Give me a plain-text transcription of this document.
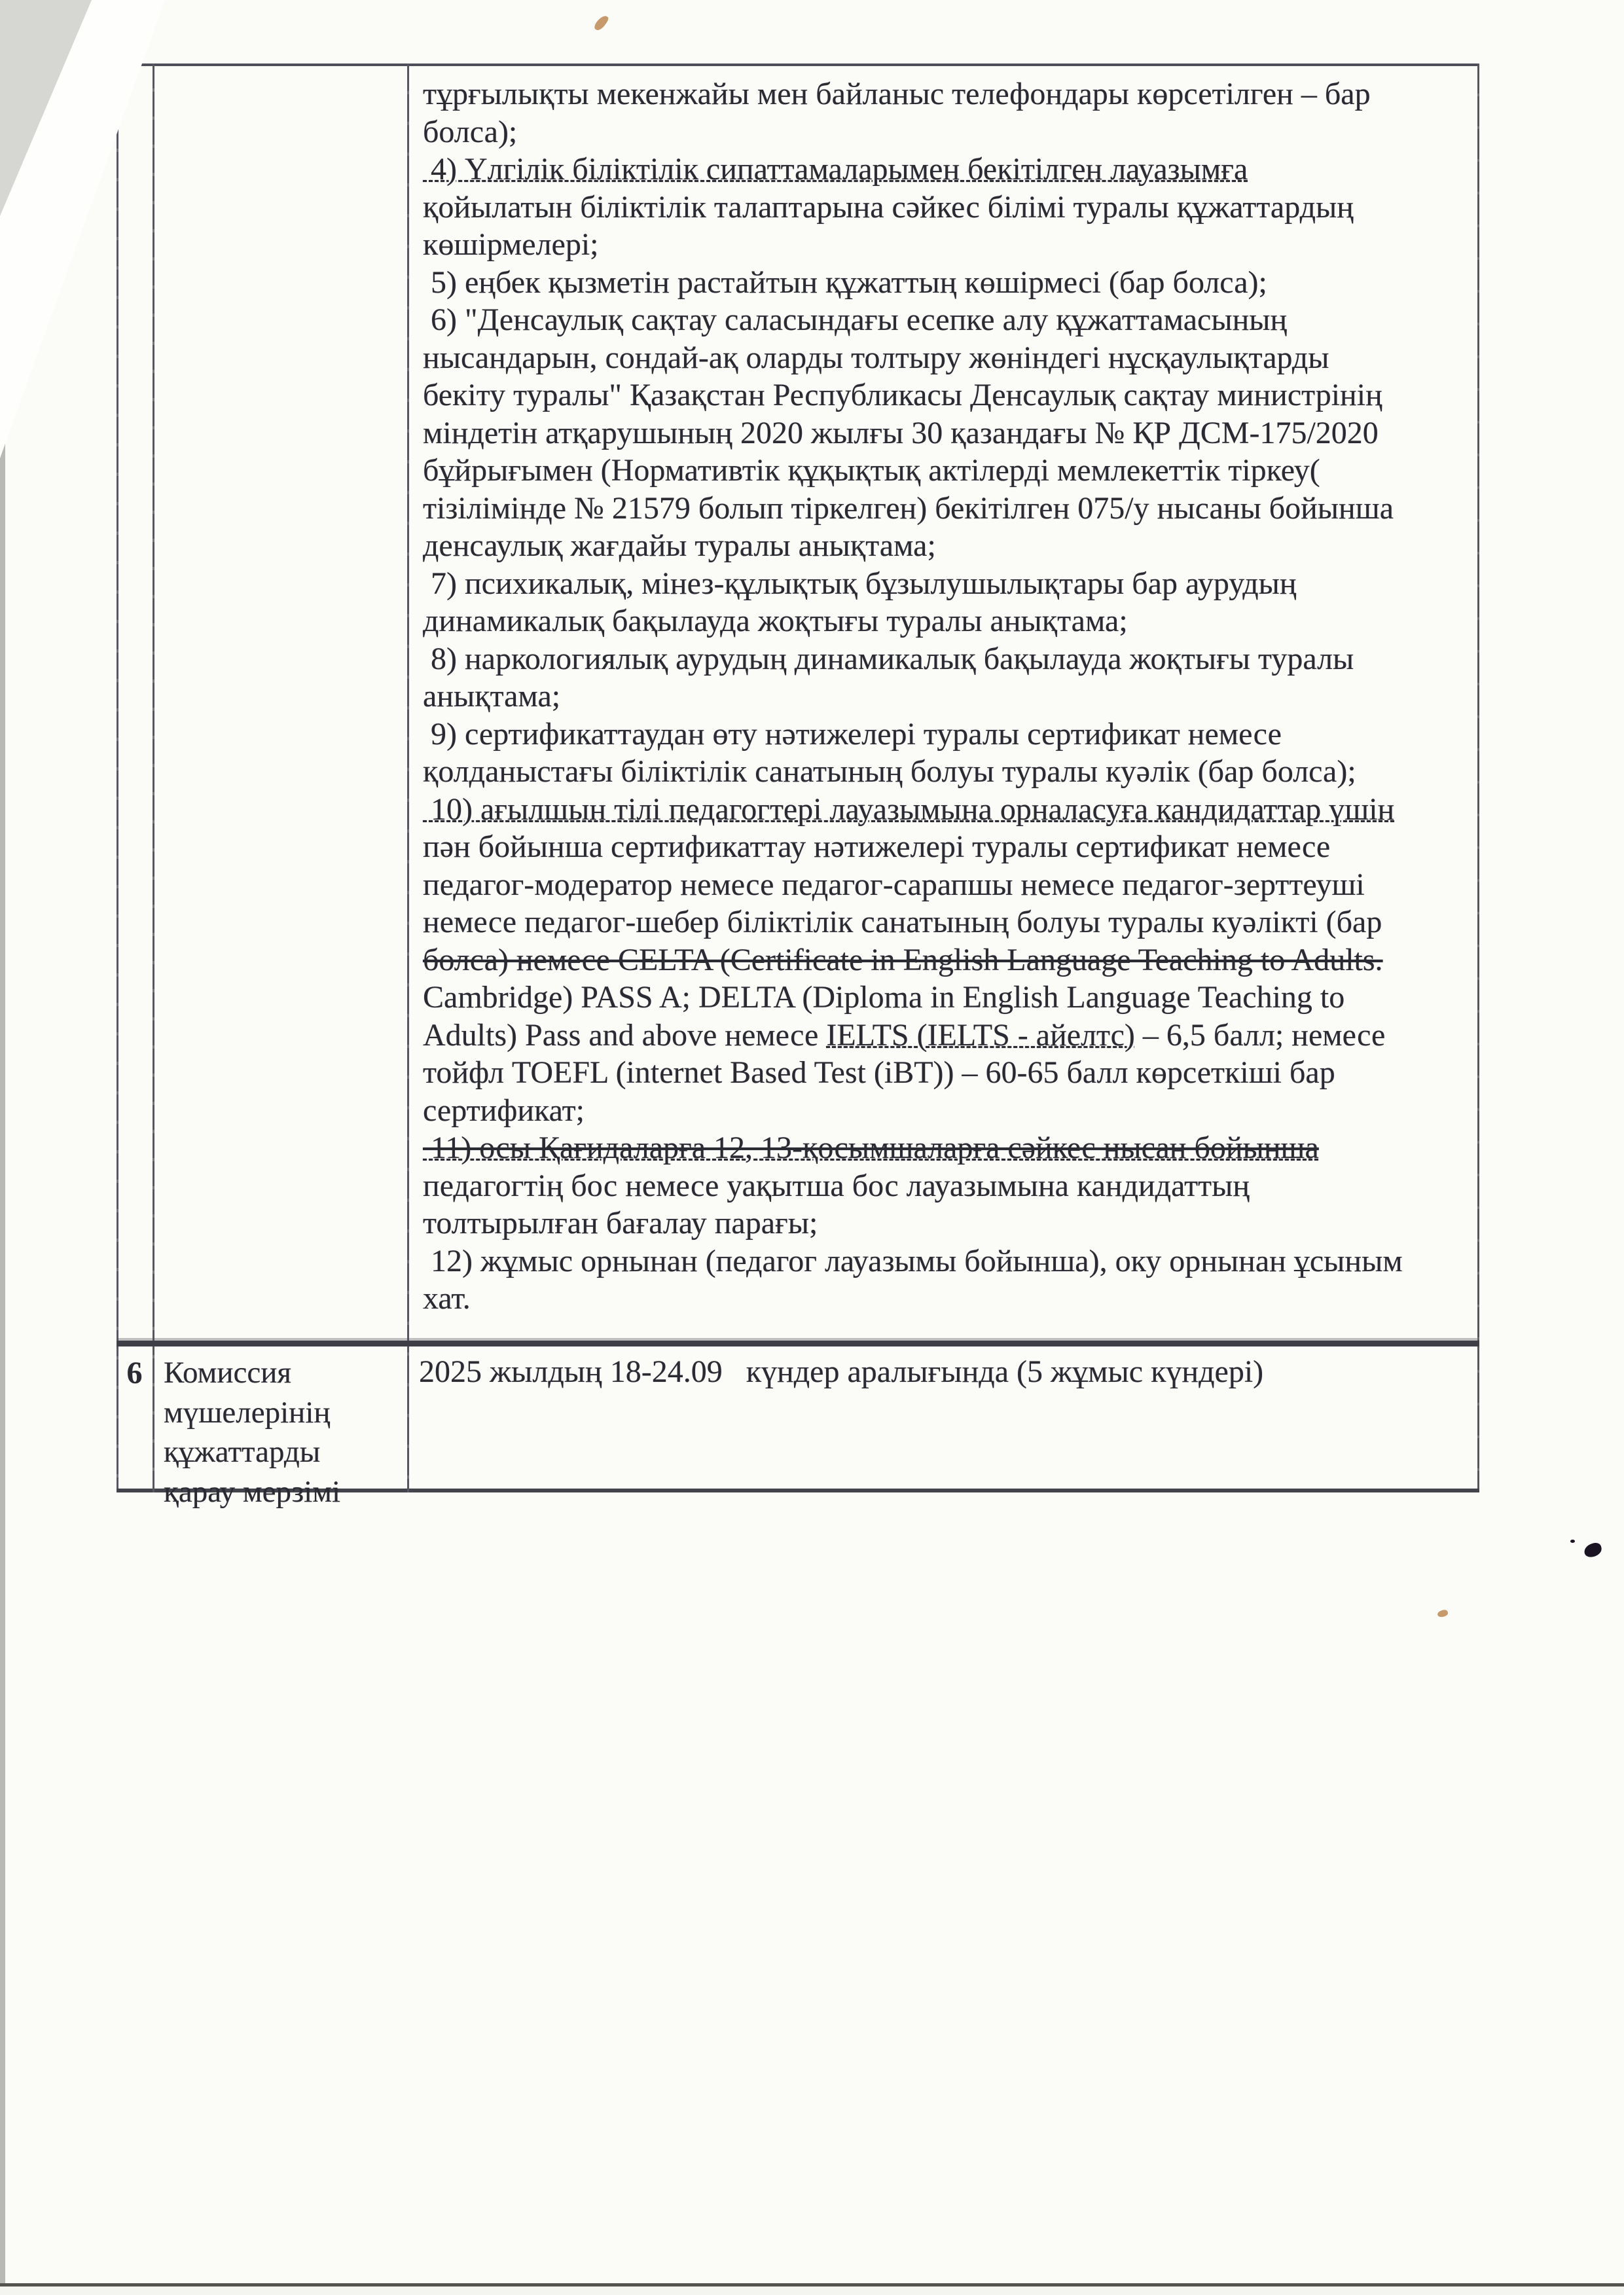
тұрғылықты мекенжайы мен байланыс телефондары көрсетілген – бар
болса);
4) Үлгілік біліктілік сипаттамаларымен бекітілген лауазымға
қойылатын біліктілік талаптарына сәйкес білімі туралы құжаттардың
көшірмелері;
5) еңбек қызметін растайтын құжаттың көшірмесі (бар болса);
6) "Денсаулық сақтау саласындағы есепке алу құжаттамасының
нысандарын, сондай-ақ оларды толтыру жөніндегі нұсқаулықтарды
бекіту туралы" Қазақстан Республикасы Денсаулық сақтау министрінің
міндетін атқарушының 2020 жылғы 30 қазандағы № ҚР ДСМ-175/2020
бұйрығымен (Нормативтік құқықтық актілерді мемлекеттік тіркеу(
тізілімінде № 21579 болып тіркелген) бекітілген 075/у нысаны бойынша
денсаулық жағдайы туралы анықтама;
7) психикалық, мінез-құлықтық бұзылушылықтары бар аурудың
динамикалық бақылауда жоқтығы туралы анықтама;
8) наркологиялық аурудың динамикалық бақылауда жоқтығы туралы
анықтама;
9) сертификаттаудан өту нәтижелері туралы сертификат немесе
қолданыстағы біліктілік санатының болуы туралы куәлік (бар болса);
10) ағылшын тілі педагогтері лауазымына орналасуға кандидаттар үшін
пән бойынша сертификаттау нәтижелері туралы сертификат немесе
педагог-модератор немесе педагог-сарапшы немесе педагог-зерттеуші
немесе педагог-шебер біліктілік санатының болуы туралы куәлікті (бар
болса) немесе CELTA (Certificate in English Language Teaching to Adults.
Cambridge) PASS A; DELTA (Diploma in English Language Teaching to
Adults) Pass and above немесе IELTS (IELTS - айелтс) – 6,5 балл; немесе
тойфл TOEFL (internet Based Test (iBT)) – 60-65 балл көрсеткіші бар
сертификат;
11) осы Қағидаларға 12, 13-қосымшаларға сәйкес нысан бойынша
педагогтің бос немесе уақытша бос лауазымына кандидаттың
толтырылған бағалау парағы;
12) жұмыс орнынан (педагог лауазымы бойынша), оку орнынан ұсыным
хат.
6 Комиссия
мүшелерінің
құжаттарды
қарау мерзімі
2025 жылдың 18-24.09   күндер аралығында (5 жұмыс күндері)
